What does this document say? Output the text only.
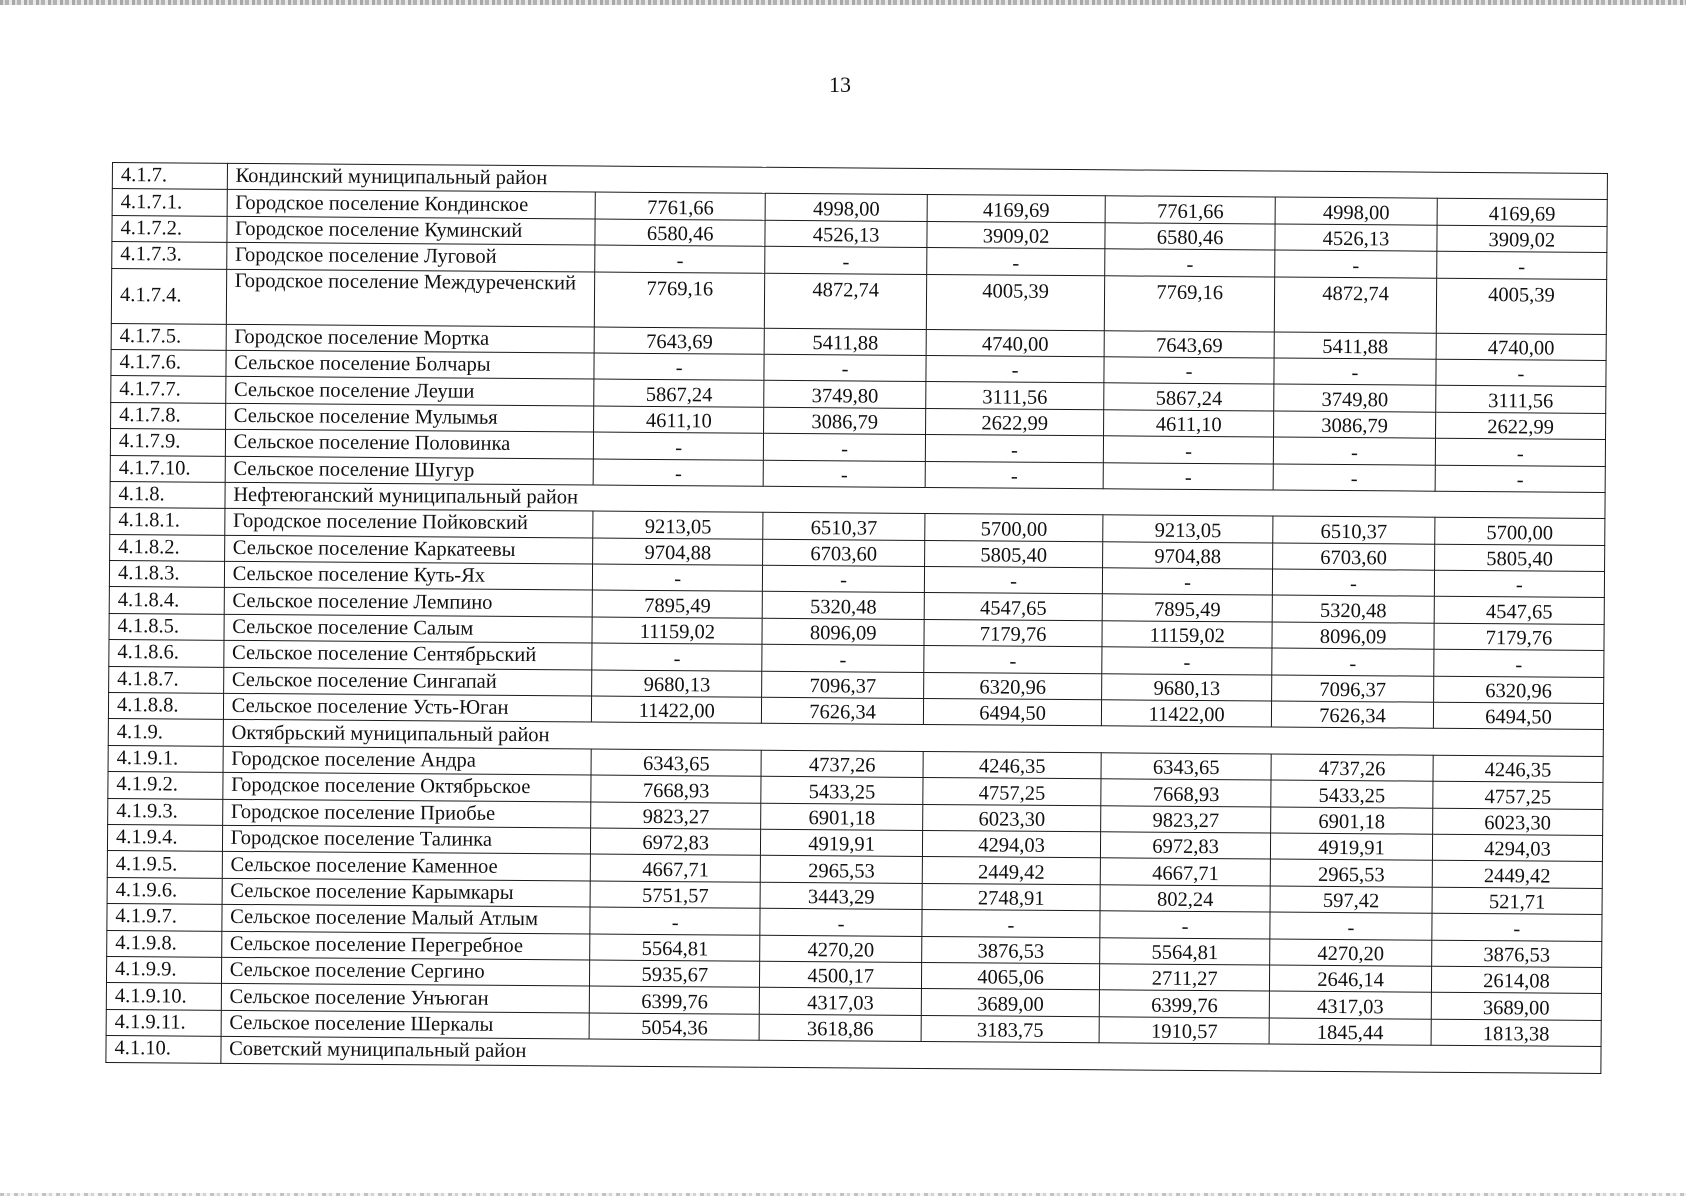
13
4.1.7.	Кондинский муниципальный район						
4.1.7.1.	Городское поселение Кондинское	7761,66	4998,00	4169,69	7761,66	4998,00	4169,69
4.1.7.2.	Городское поселение Куминский	6580,46	4526,13	3909,02	6580,46	4526,13	3909,02
4.1.7.3.	Городское поселение Луговой	-	-	-	-	-	-
4.1.7.4.	Городское поселение Междуреченский	7769,16	4872,74	4005,39	7769,16	4872,74	4005,39
4.1.7.5.	Городское поселение Мортка	7643,69	5411,88	4740,00	7643,69	5411,88	4740,00
4.1.7.6.	Сельское поселение Болчары	-	-	-	-	-	-
4.1.7.7.	Сельское поселение Леуши	5867,24	3749,80	3111,56	5867,24	3749,80	3111,56
4.1.7.8.	Сельское поселение Мулымья	4611,10	3086,79	2622,99	4611,10	3086,79	2622,99
4.1.7.9.	Сельское поселение Половинка	-	-	-	-	-	-
4.1.7.10.	Сельское поселение Шугур	-	-	-	-	-	-
4.1.8.	Нефтеюганский муниципальный район						
4.1.8.1.	Городское поселение Пойковский	9213,05	6510,37	5700,00	9213,05	6510,37	5700,00
4.1.8.2.	Сельское поселение Каркатеевы	9704,88	6703,60	5805,40	9704,88	6703,60	5805,40
4.1.8.3.	Сельское поселение Куть-Ях	-	-	-	-	-	-
4.1.8.4.	Сельское поселение Лемпино	7895,49	5320,48	4547,65	7895,49	5320,48	4547,65
4.1.8.5.	Сельское поселение Салым	11159,02	8096,09	7179,76	11159,02	8096,09	7179,76
4.1.8.6.	Сельское поселение Сентябрьский	-	-	-	-	-	-
4.1.8.7.	Сельское поселение Сингапай	9680,13	7096,37	6320,96	9680,13	7096,37	6320,96
4.1.8.8.	Сельское поселение Усть-Юган	11422,00	7626,34	6494,50	11422,00	7626,34	6494,50
4.1.9.	Октябрьский муниципальный район						
4.1.9.1.	Городское поселение Андра	6343,65	4737,26	4246,35	6343,65	4737,26	4246,35
4.1.9.2.	Городское поселение Октябрьское	7668,93	5433,25	4757,25	7668,93	5433,25	4757,25
4.1.9.3.	Городское поселение Приобье	9823,27	6901,18	6023,30	9823,27	6901,18	6023,30
4.1.9.4.	Городское поселение Талинка	6972,83	4919,91	4294,03	6972,83	4919,91	4294,03
4.1.9.5.	Сельское поселение Каменное	4667,71	2965,53	2449,42	4667,71	2965,53	2449,42
4.1.9.6.	Сельское поселение Карымкары	5751,57	3443,29	2748,91	802,24	597,42	521,71
4.1.9.7.	Сельское поселение Малый Атлым	-	-	-	-	-	-
4.1.9.8.	Сельское поселение Перегребное	5564,81	4270,20	3876,53	5564,81	4270,20	3876,53
4.1.9.9.	Сельское поселение Сергино	5935,67	4500,17	4065,06	2711,27	2646,14	2614,08
4.1.9.10.	Сельское поселение Унъюган	6399,76	4317,03	3689,00	6399,76	4317,03	3689,00
4.1.9.11.	Сельское поселение Шеркалы	5054,36	3618,86	3183,75	1910,57	1845,44	1813,38
4.1.10.	Советский муниципальный район						
